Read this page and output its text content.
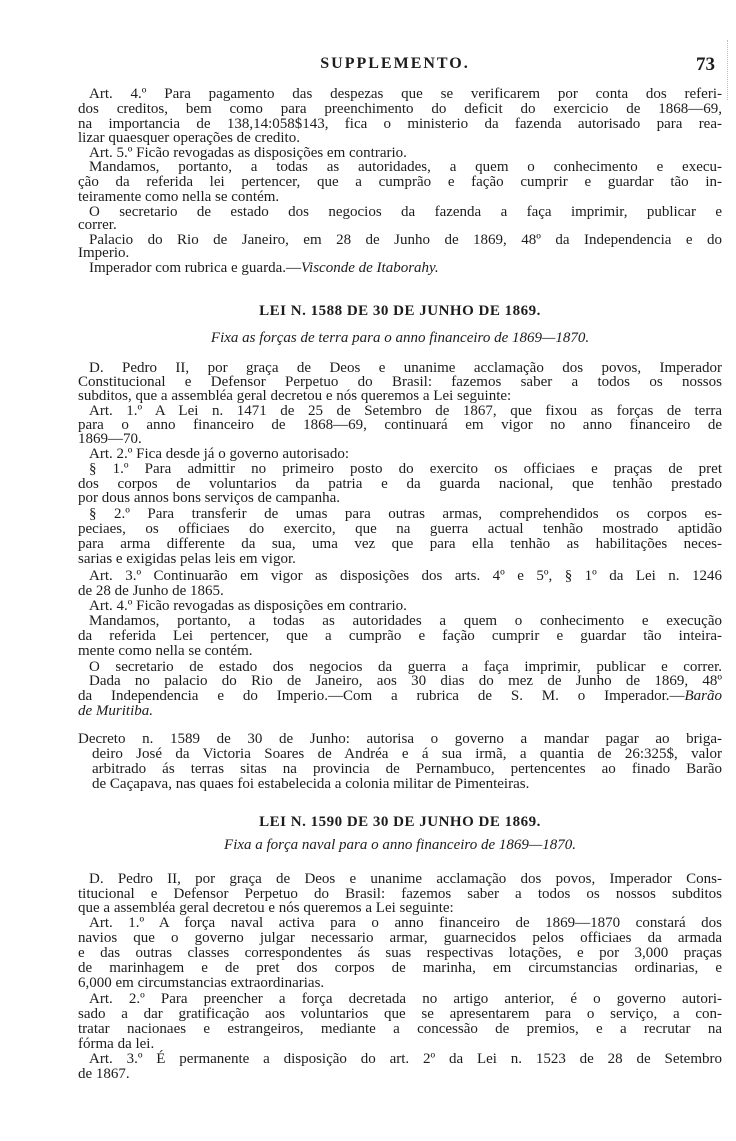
SUPPLEMENTO.	73
Art. 4.º Para pagamento das despezas que se verificarem por conta dos referi-
dos creditos, bem como para preenchimento do deficit do exercicio de 1868—69,
na importancia de 138,14:058$143, fica o ministerio da fazenda autorisado para rea-
lizar quaesquer operações de credito.
Art. 5.º Ficão revogadas as disposições em contrario.
Mandamos, portanto, a todas as autoridades, a quem o conhecimento e execu-
ção da referida lei pertencer, que a cumprão e fação cumprir e guardar tão in-
teiramente como nella se contém.
O secretario de estado dos negocios da fazenda a faça imprimir, publicar e
correr.
Palacio do Rio de Janeiro, em 28 de Junho de 1869, 48º da Independencia e do
Imperio.
Imperador com rubrica e guarda.—Visconde de Itaborahy.
LEI N. 1588 DE 30 DE JUNHO DE 1869.
Fixa as forças de terra para o anno financeiro de 1869—1870.
D. Pedro II, por graça de Deos e unanime acclamação dos povos, Imperador
Constitucional e Defensor Perpetuo do Brasil: fazemos saber a todos os nossos
subditos, que a assembléa geral decretou e nós queremos a Lei seguinte:
Art. 1.º A Lei n. 1471 de 25 de Setembro de 1867, que fixou as forças de terra
para o anno financeiro de 1868—69, continuará em vigor no anno financeiro de
1869—70.
Art. 2.º Fica desde já o governo autorisado:
§ 1.º Para admittir no primeiro posto do exercito os officiaes e praças de pret
dos corpos de voluntarios da patria e da guarda nacional, que tenhão prestado
por dous annos bons serviços de campanha.
§ 2.º Para transferir de umas para outras armas, comprehendidos os corpos es-
peciaes, os officiaes do exercito, que na guerra actual tenhão mostrado aptidão
para arma differente da sua, uma vez que para ella tenhão as habilitações neces-
sarias e exigidas pelas leis em vigor.
Art. 3.º Continuarão em vigor as disposições dos arts. 4º e 5º, § 1º da Lei n. 1246
de 28 de Junho de 1865.
Art. 4.º Ficão revogadas as disposições em contrario.
Mandamos, portanto, a todas as autoridades a quem o conhecimento e execução
da referida Lei pertencer, que a cumprão e fação cumprir e guardar tão inteira-
mente como nella se contém.
O secretario de estado dos negocios da guerra a faça imprimir, publicar e correr.
Dada no palacio do Rio de Janeiro, aos 30 dias do mez de Junho de 1869, 48º
da Independencia e do Imperio.—Com a rubrica de S. M. o Imperador.—Barão
de Muritiba.
Decreto n. 1589 de 30 de Junho: autorisa o governo a mandar pagar ao briga-
deiro José da Victoria Soares de Andréa e á sua irmã, a quantia de 26:325$, valor
arbitrado ás terras sitas na provincia de Pernambuco, pertencentes ao finado Barão
de Caçapava, nas quaes foi estabelecida a colonia militar de Pimenteiras.
LEI N. 1590 DE 30 DE JUNHO DE 1869.
Fixa a força naval para o anno financeiro de 1869—1870.
D. Pedro II, por graça de Deos e unanime acclamação dos povos, Imperador Cons-
titucional e Defensor Perpetuo do Brasil: fazemos saber a todos os nossos subditos
que a assembléa geral decretou e nós queremos a Lei seguinte:
Art. 1.º A força naval activa para o anno financeiro de 1869—1870 constará dos
navios que o governo julgar necessario armar, guarnecidos pelos officiaes da armada
e das outras classes correspondentes ás suas respectivas lotações, e por 3,000 praças
de marinhagem e de pret dos corpos de marinha, em circumstancias ordinarias, e
6,000 em circumstancias extraordinarias.
Art. 2.º Para preencher a força decretada no artigo anterior, é o governo autori-
sado a dar gratificação aos voluntarios que se apresentarem para o serviço, a con-
tratar nacionaes e estrangeiros, mediante a concessão de premios, e a recrutar na
fórma da lei.
Art. 3.º É permanente a disposição do art. 2º da Lei n. 1523 de 28 de Setembro
de 1867.
